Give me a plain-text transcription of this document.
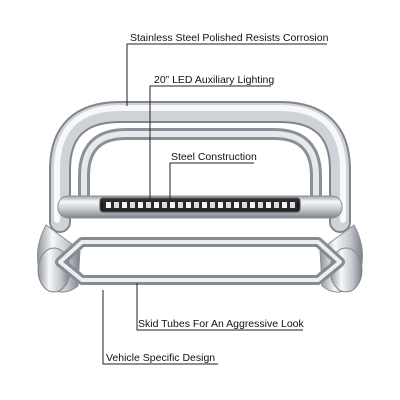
Stainless Steel Polished Resists Corrosion
20” LED Auxiliary Lighting
Steel Construction
Skid Tubes For An Aggressive Look
Vehicle Specific Design
